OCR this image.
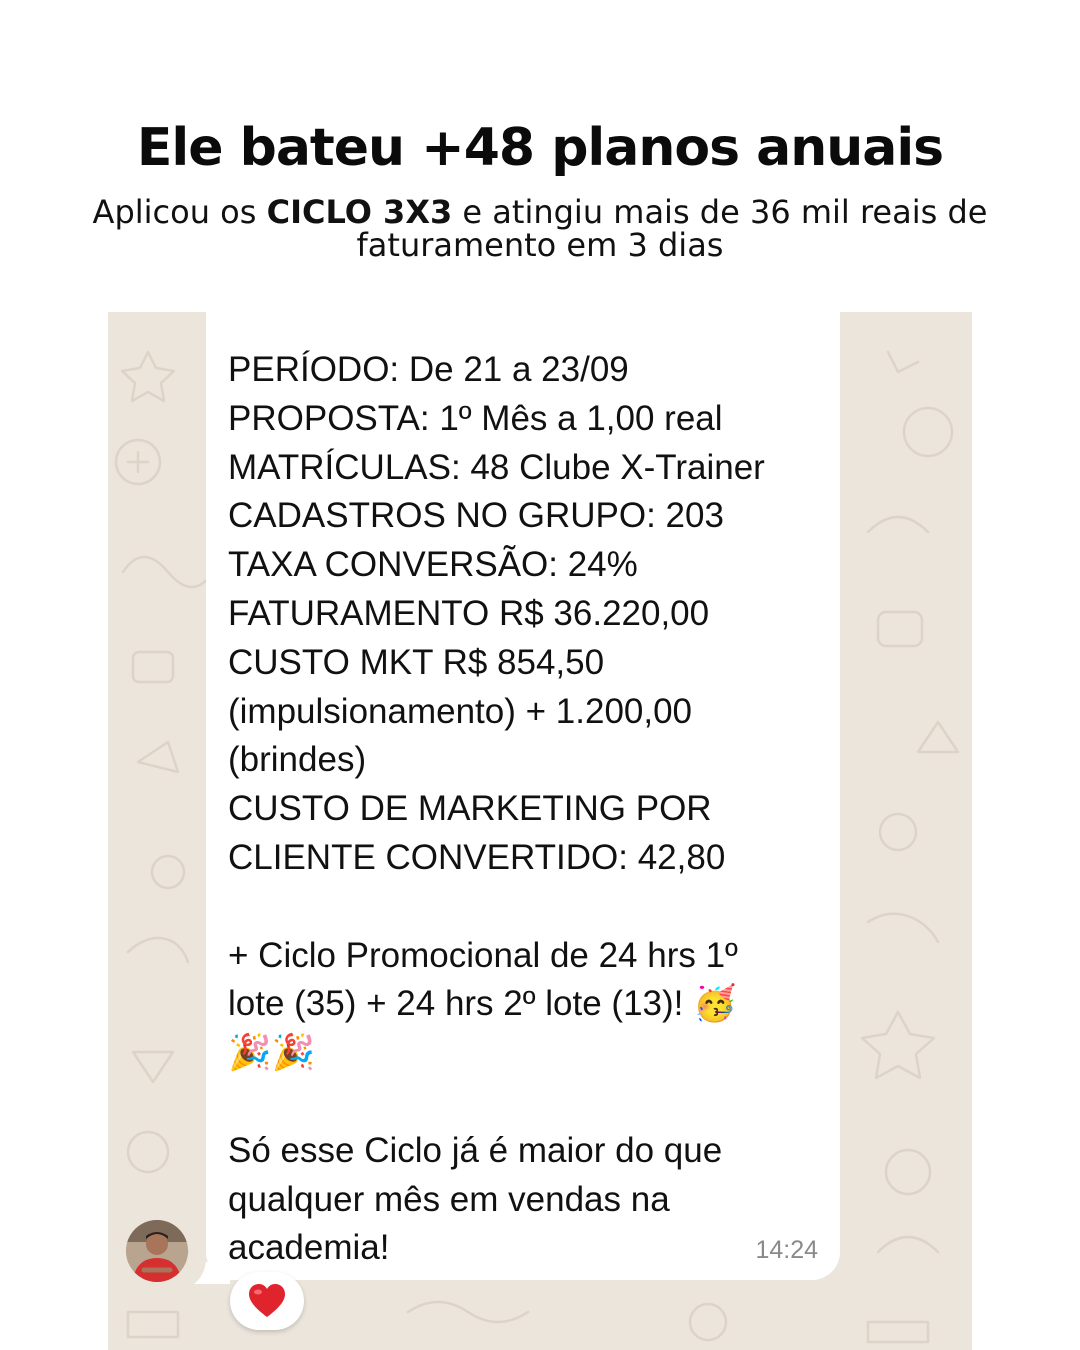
Ele bateu +48 planos anuais

Aplicou os CICLO 3X3 e atingiu mais de 36 mil reais de faturamento em 3 dias

PERÍODO: De 21 a 23/09
PROPOSTA: 1º Mês a 1,00 real
MATRÍCULAS: 48 Clube X-Trainer
CADASTROS NO GRUPO: 203
TAXA CONVERSÃO: 24%
FATURAMENTO R$ 36.220,00
CUSTO MKT R$ 854,50
(impulsionamento) + 1.200,00
(brindes)
CUSTO DE MARKETING POR
CLIENTE CONVERTIDO: 42,80

+ Ciclo Promocional de 24 hrs 1º
lote (35) + 24 hrs 2º lote (13)! 🥳
🎉🎉

Só esse Ciclo já é maior do que
qualquer mês em vendas na
academia!	14:24
